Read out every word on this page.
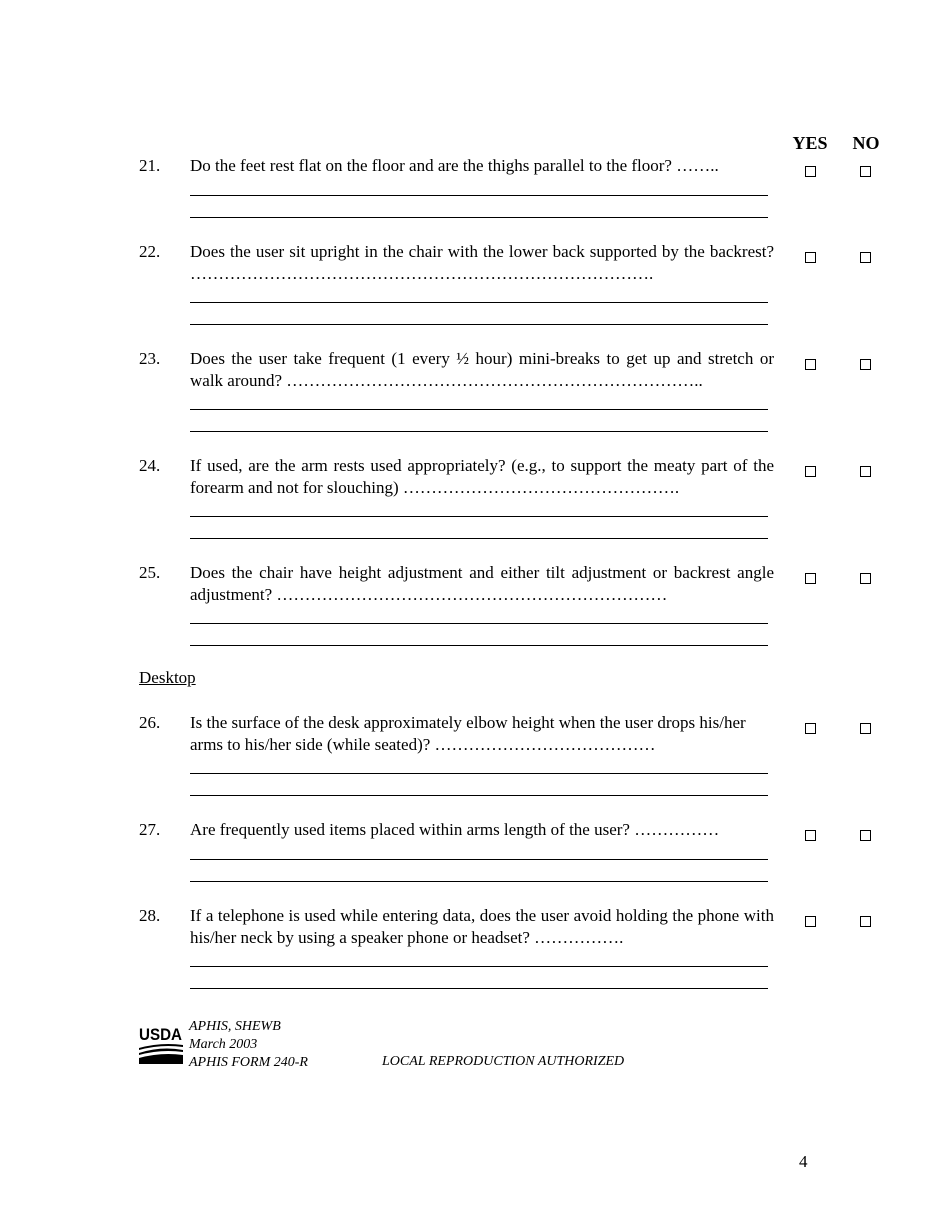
YES	NO
21. Do the feet rest flat on the floor and are the thighs parallel to the floor? ……..
22. Does the user sit upright in the chair with the lower back supported by the backrest? ……………………………………………………………………….
23. Does the user take frequent (1 every ½ hour) mini-breaks to get up and stretch or walk around? ………………………………………………………………..
24. If used, are the arm rests used appropriately? (e.g., to support the meaty part of the forearm and not for slouching) ………………………………………….
25. Does the chair have height adjustment and either tilt adjustment or backrest angle adjustment? ……………………………………………………………
Desktop
26. Is the surface of the desk approximately elbow height when the user drops his/her arms to his/her side (while seated)? …………………………………
27. Are frequently used items placed within arms length of the user? ……………
28. If a telephone is used while entering data, does the user avoid holding the phone with his/her neck by using a speaker phone or headset? …………….
USDA APHIS, SHEWB
March 2003
APHIS FORM 240-R	LOCAL REPRODUCTION AUTHORIZED
4
